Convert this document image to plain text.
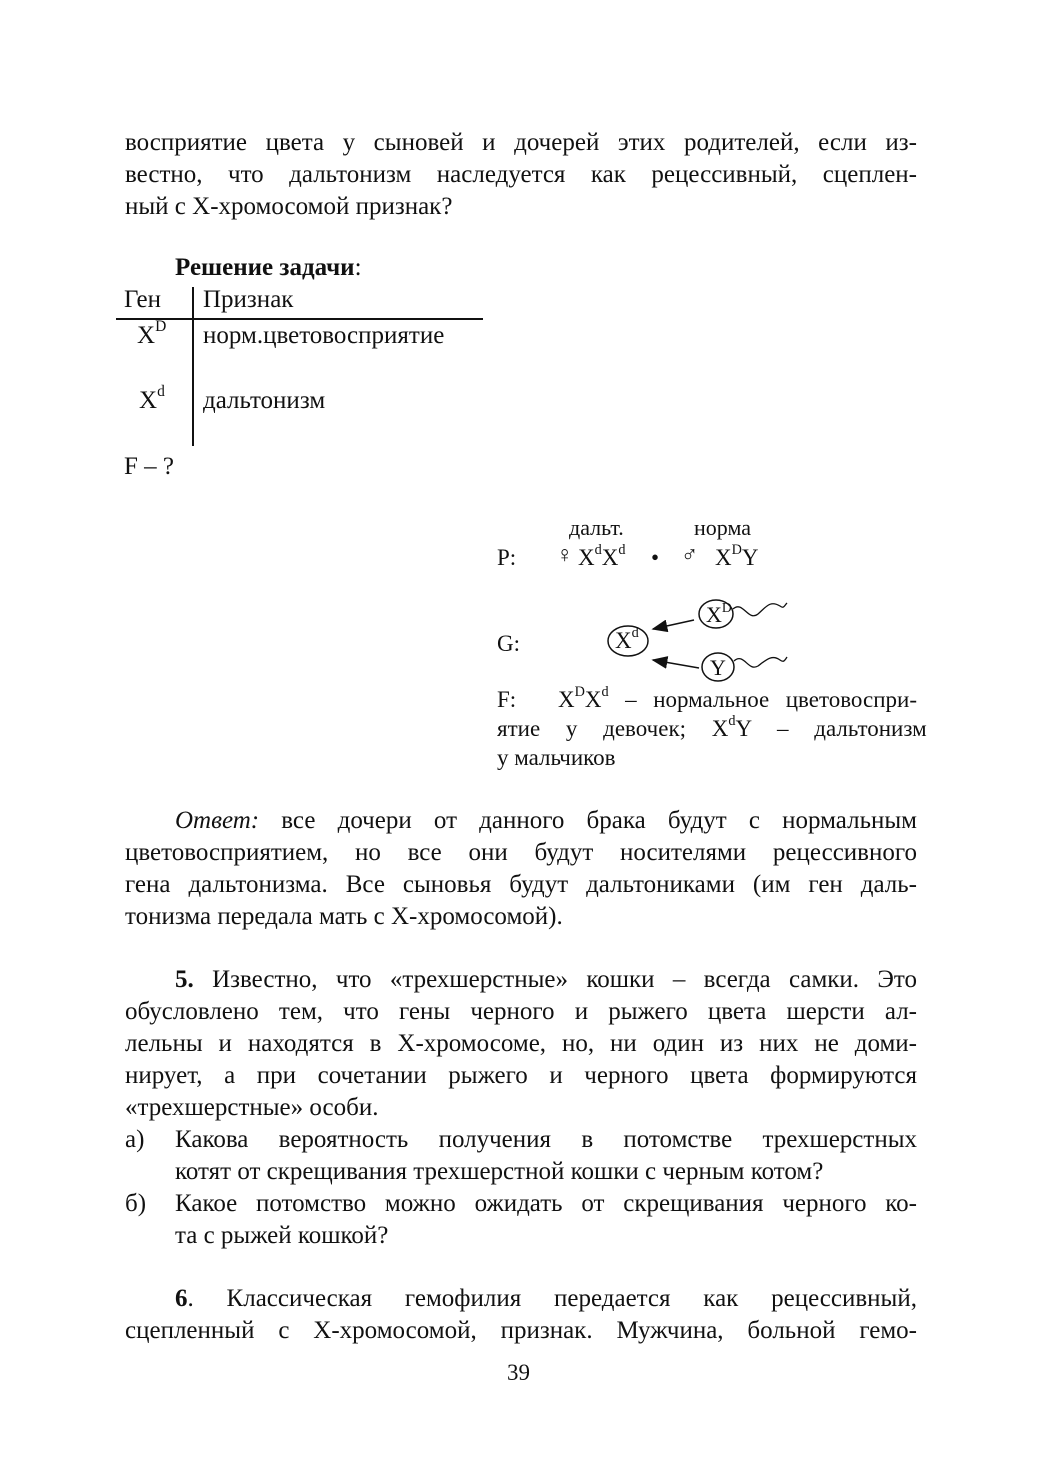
восприятие цвета у сыновей и дочерей этих родителей, если из-
вестно, что дальтонизм наследуется как рецессивный, сцеплен-
ный с Х-хромосомой признак?
Решение задачи:
Ген Признак
$X^D$ норм.цветовосприятие
$X^d$ дальтонизм
F – ?
дальт.	норма
P: ♀ $X^dX^d$ • ♂ $X^DY$
G:	$X^d$
$X^D$
Y
F: $X^DX^d$ – нормальное цветовоспри-
ятие у девочек; $X^dY$ – дальтонизм
у мальчиков
Ответ: все дочери от данного брака будут с нормальным
цветовосприятием, но все они будут носителями рецессивного
гена дальтонизма. Все сыновья будут дальтониками (им ген даль-
тонизма передала мать с Х-хромосомой).
5. Известно, что «трехшерстные» кошки – всегда самки. Это
обусловлено тем, что гены черного и рыжего цвета шерсти ал-
лельны и находятся в Х-хромосоме, но, ни один из них не доми-
нирует, а при сочетании рыжего и черного цвета формируются
«трехшерстные» особи.
а) Какова вероятность получения в потомстве трехшерстных
котят от скрещивания трехшерстной кошки с черным котом?
б) Какое потомство можно ожидать от скрещивания черного ко-
та с рыжей кошкой?
6. Классическая гемофилия передается как рецессивный,
сцепленный с Х-хромосомой, признак. Мужчина, больной гемо-
39
